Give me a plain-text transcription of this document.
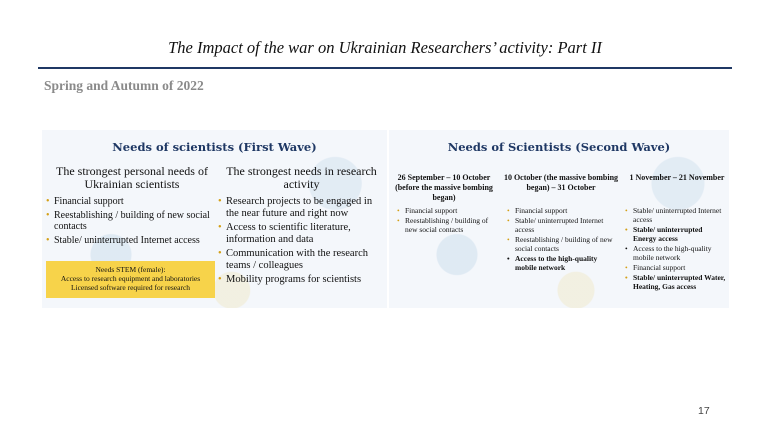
The Impact of the war on Ukrainian Researchers’ activity: Part II
Spring and Autumn of 2022
Needs of scientists (First Wave)
The strongest personal needs of Ukrainian scientists
• Financial support
• Reestablishing / building of new social contacts
• Stable/ uninterrupted Internet access
Needs STEM (female):
Access to research equipment and laboratories
Licensed software required for research
The strongest needs in research activity
• Research projects to be engaged in the near future and right now
• Access to scientific literature, information and data
• Communication with the research teams / colleagues
• Mobility programs for scientists
Needs of Scientists (Second Wave)
26 September – 10 October (before the massive bombing began)
• Financial support
• Reestablishing / building of new social contacts
10 October (the massive bombing began) – 31 October
• Financial support
• Stable/ uninterrupted Internet access
• Reestablishing / building of new social contacts
• Access to the high-quality mobile network
1 November – 21 November
• Stable/ uninterrupted Internet access
• Stable/ uninterrupted Energy access
• Access to the high-quality mobile network
• Financial support
• Stable/ uninterrupted Water, Heating, Gas access
17
